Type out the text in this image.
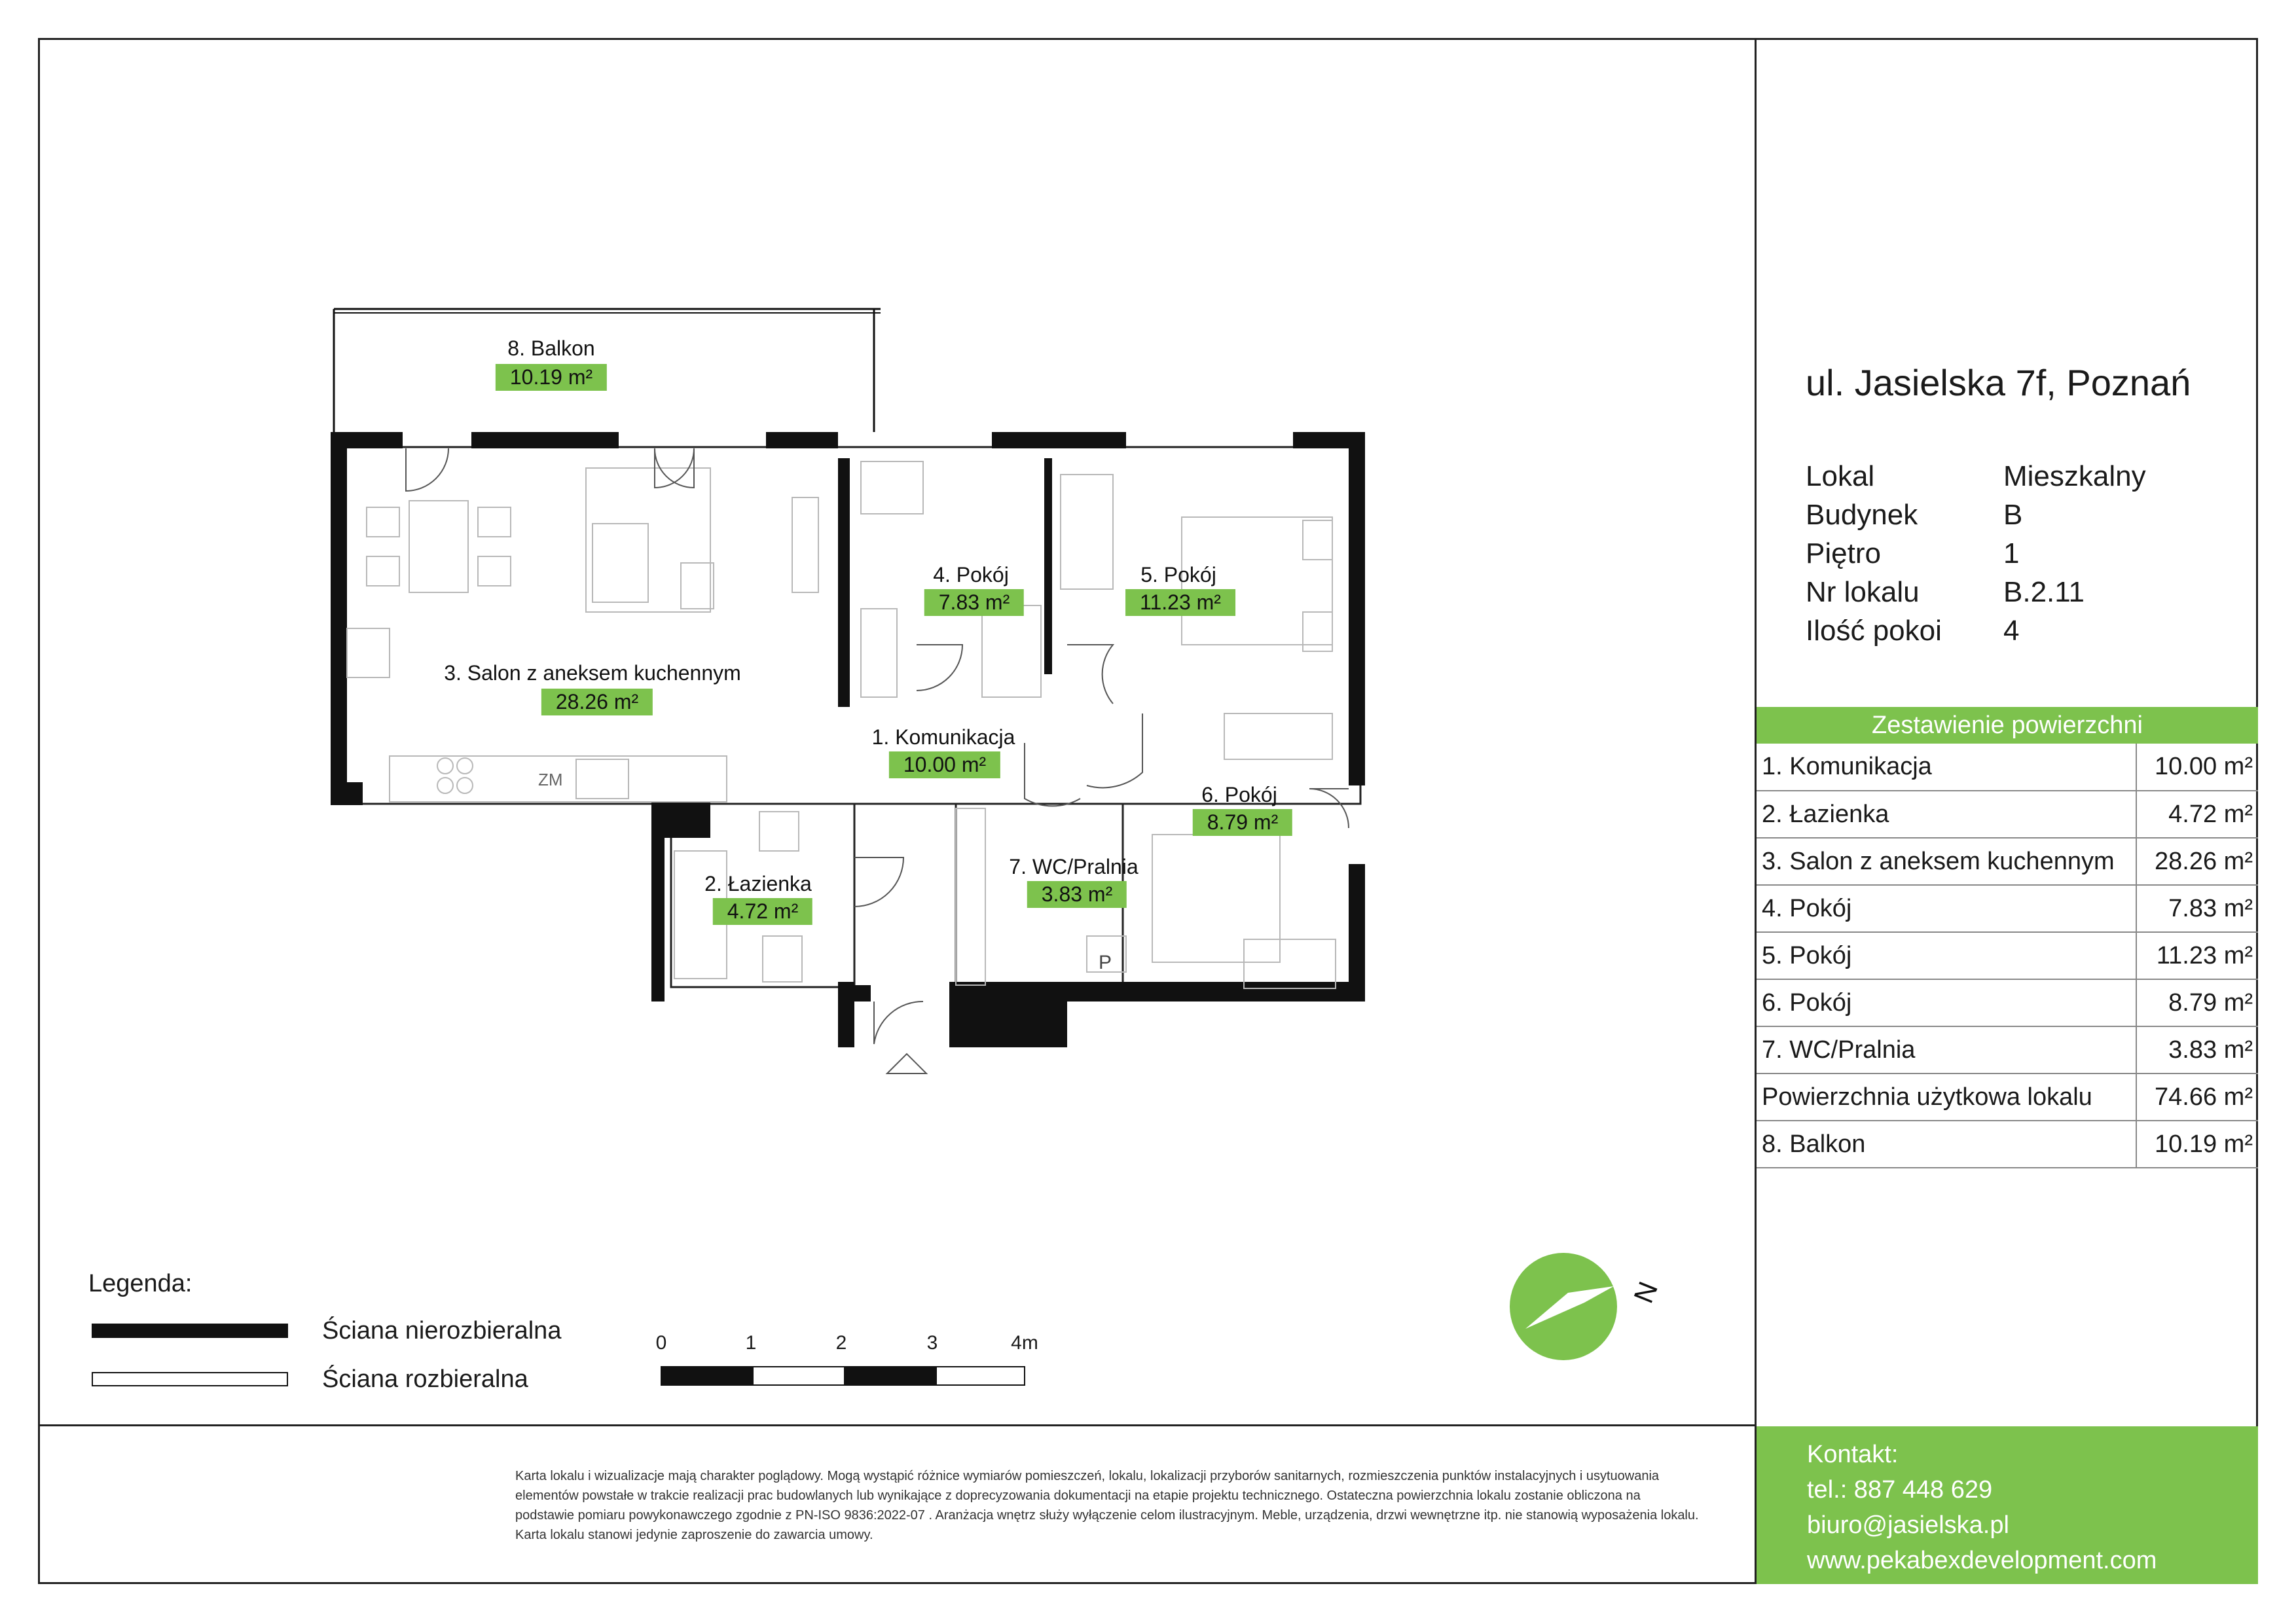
ZM
P
N
8. Balkon
10.19 m²
3. Salon z aneksem kuchennym
28.26 m²
4. Pokój
7.83 m²
5. Pokój
11.23 m²
1. Komunikacja
10.00 m²
6. Pokój
8.79 m²
2. Łazienka
4.72 m²
7. WC/Pralnia
3.83 m²
Legenda:
Ściana nierozbieralna
Ściana rozbieralna
0	1	2	3	4m
ul. Jasielska 7f, Poznań
Lokal	Mieszkalny
Budynek	B
Piętro	1
Nr lokalu	B.2.11
Ilość pokoi 4
Zestawienie powierzchni
1. Komunikacja	10.00 m²
2. Łazienka	4.72 m²
3. Salon z aneksem kuchennym	28.26 m²
4. Pokój	7.83 m²
5. Pokój	11.23 m²
6. Pokój	8.79 m²
7. WC/Pralnia	3.83 m²
Powierzchnia użytkowa lokalu	74.66 m²
8. Balkon	10.19 m²
Kontakt:
tel.: 887 448 629
biuro@jasielska.pl
www.pekabexdevelopment.com
Karta lokalu i wizualizacje mają charakter poglądowy. Mogą wystąpić różnice wymiarów pomieszczeń, lokalu, lokalizacji przyborów sanitarnych, rozmieszczenia punktów instalacyjnych i usytuowania elementów powstałe w trakcie realizacji prac budowlanych lub wynikające z doprecyzowania dokumentacji na etapie projektu technicznego. Ostateczna powierzchnia lokalu zostanie obliczona na podstawie pomiaru powykonawczego zgodnie z PN-ISO 9836:2022-07 . Aranżacja wnętrz służy wyłączenie celom ilustracyjnym. Meble, urządzenia, drzwi wewnętrzne itp. nie stanowią wyposażenia lokalu. Karta lokalu stanowi jedynie zaproszenie do zawarcia umowy.
